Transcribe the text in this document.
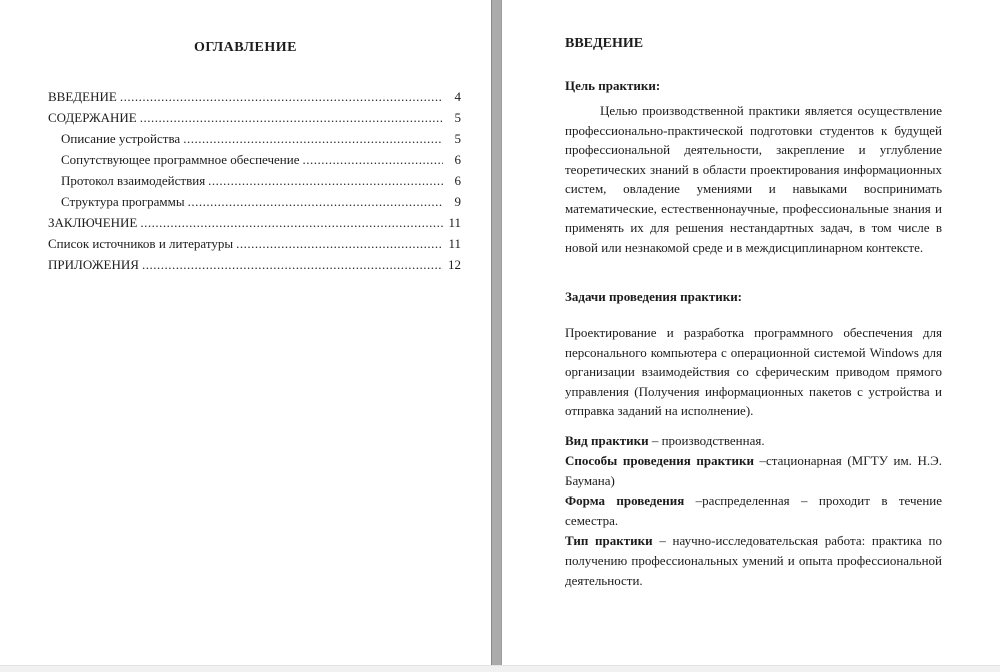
ОГЛАВЛЕНИЕ
ВВЕДЕНИЕ .....	4
СОДЕРЖАНИЕ .....	5
Описание устройства .....	5
Сопутствующее программное обеспечение .....	6
Протокол взаимодействия .....	6
Структура программы .....	9
ЗАКЛЮЧЕНИЕ .....	11
Список источников и литературы .....	11
ПРИЛОЖЕНИЯ .....	12
ВВЕДЕНИЕ

Цель практики:

Целью производственной практики является осуществление профессионально-практической подготовки студентов к будущей профессиональной деятельности, закрепление и углубление теоретических знаний в области проектирования информационных систем, овладение умениями и навыками воспринимать математические, естественнонаучные, профессиональные знания и применять их для решения нестандартных задач, в том числе в новой или незнакомой среде и в междисциплинарном контексте.

Задачи проведения практики:

Проектирование и разработка программного обеспечения для персонального компьютера с операционной системой Windows для организации взаимодействия со сферическим приводом прямого управления (Получения информационных пакетов с устройства и отправка заданий на исполнение).

Вид практики – производственная.

Способы проведения практики –стационарная (МГТУ им. Н.Э. Баумана)

Форма проведения –распределенная – проходит в течение семестра.

Тип практики – научно-исследовательская работа: практика по получению профессиональных умений и опыта профессиональной деятельности.
